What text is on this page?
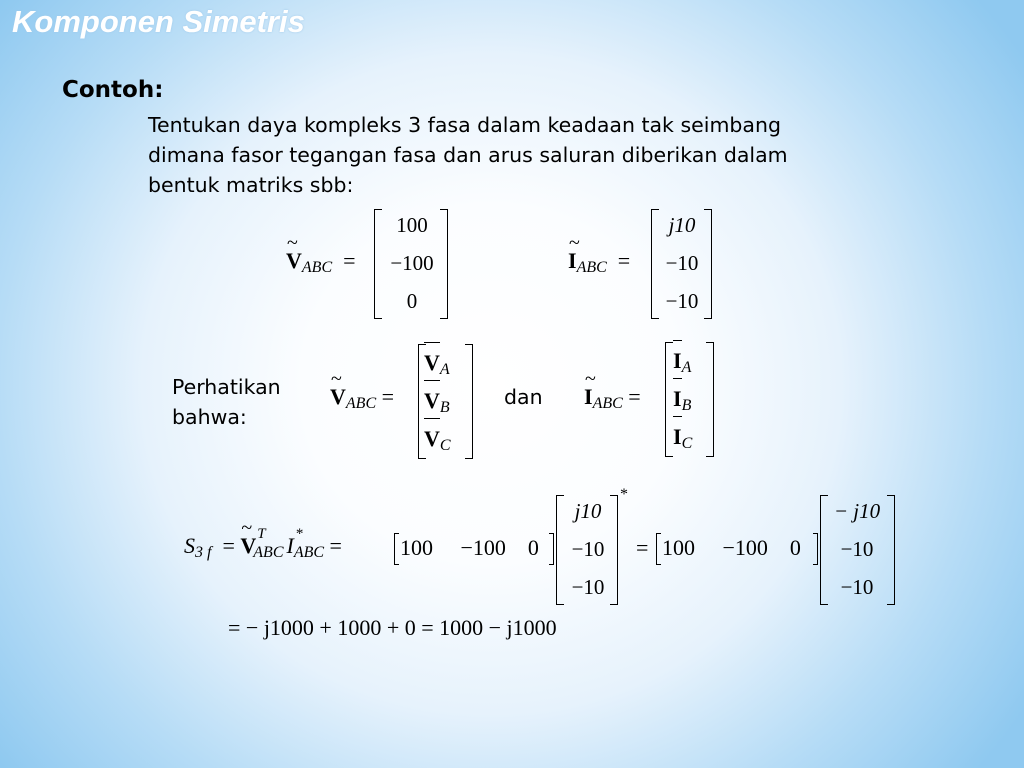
Komponen Simetris
Contoh:
Tentukan daya kompleks 3 fasa dalam keadaan tak seimbang
dimana fasor tegangan fasa dan arus saluran diberikan dalam
bentuk matriks sbb:
~
VABC  =
100
−100
0
~
IABC  =
j10
−10
−10
Perhatikan
bahwa:
~
VABC =
VA
VB
VC
dan
~
IABC =
IA
IB
IC
S3 f  =
~
V T
ABC I *
ABC =	100 −100 0
j10
−10
−10
*
= 100 −100 0
− j10
−10
−10
= − j1000 + 1000 + 0 = 1000 − j1000
